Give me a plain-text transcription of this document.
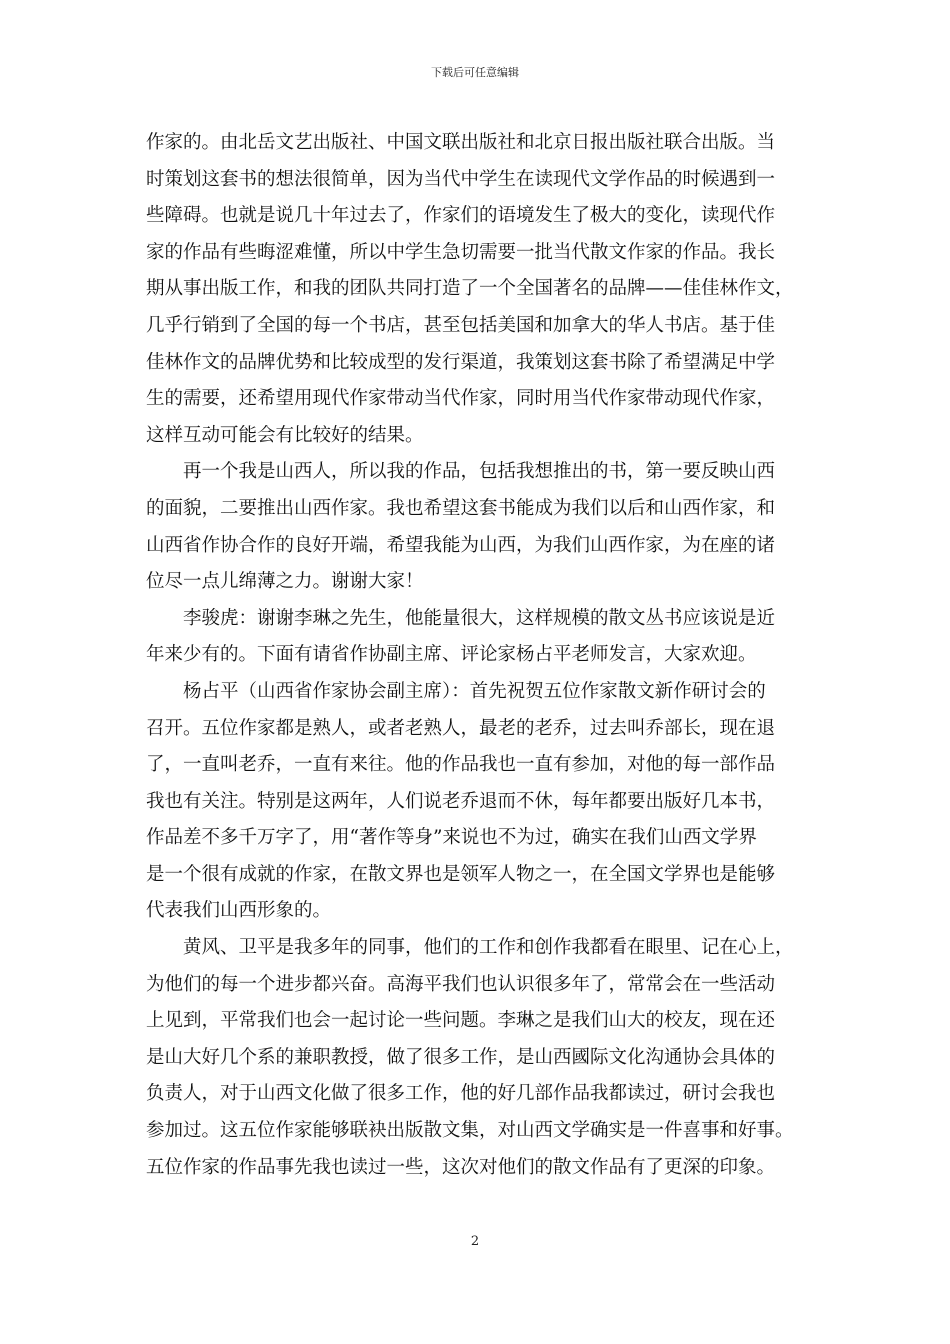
下载后可任意编辑

作家的。由北岳文艺出版社、中国文联出版社和北京日报出版社联合出版。当
时策划这套书的想法很简单，因为当代中学生在读现代文学作品的时候遇到一
些障碍。也就是说几十年过去了，作家们的语境发生了极大的变化，读现代作
家的作品有些晦涩难懂，所以中学生急切需要一批当代散文作家的作品。我长
期从事出版工作，和我的团队共同打造了一个全国著名的品牌——佳佳林作文，
几乎行销到了全国的每一个书店，甚至包括美国和加拿大的华人书店。基于佳
佳林作文的品牌优势和比较成型的发行渠道，我策划这套书除了希望满足中学
生的需要，还希望用现代作家带动当代作家，同时用当代作家带动现代作家，
这样互动可能会有比较好的结果。

再一个我是山西人，所以我的作品，包括我想推出的书，第一要反映山西
的面貌，二要推出山西作家。我也希望这套书能成为我们以后和山西作家，和
山西省作协合作的良好开端，希望我能为山西，为我们山西作家，为在座的诸
位尽一点儿绵薄之力。谢谢大家！

李骏虎：谢谢李琳之先生，他能量很大，这样规模的散文丛书应该说是近
年来少有的。下面有请省作协副主席、评论家杨占平老师发言，大家欢迎。

杨占平（山西省作家协会副主席）：首先祝贺五位作家散文新作研讨会的
召开。五位作家都是熟人，或者老熟人，最老的老乔，过去叫乔部长，现在退
了，一直叫老乔，一直有来往。他的作品我也一直有参加，对他的每一部作品
我也有关注。特别是这两年，人们说老乔退而不休，每年都要出版好几本书，
作品差不多千万字了，用“著作等身”来说也不为过，确实在我们山西文学界
是一个很有成就的作家，在散文界也是领军人物之一，在全国文学界也是能够
代表我们山西形象的。

黄风、卫平是我多年的同事，他们的工作和创作我都看在眼里、记在心上，
为他们的每一个进步都兴奋。高海平我们也认识很多年了，常常会在一些活动
上见到，平常我们也会一起讨论一些问题。李琳之是我们山大的校友，现在还
是山大好几个系的兼职教授，做了很多工作，是山西國际文化沟通协会具体的
负责人，对于山西文化做了很多工作，他的好几部作品我都读过，研讨会我也
参加过。这五位作家能够联袂出版散文集，对山西文学确实是一件喜事和好事。
五位作家的作品事先我也读过一些，这次对他们的散文作品有了更深的印象。

2
